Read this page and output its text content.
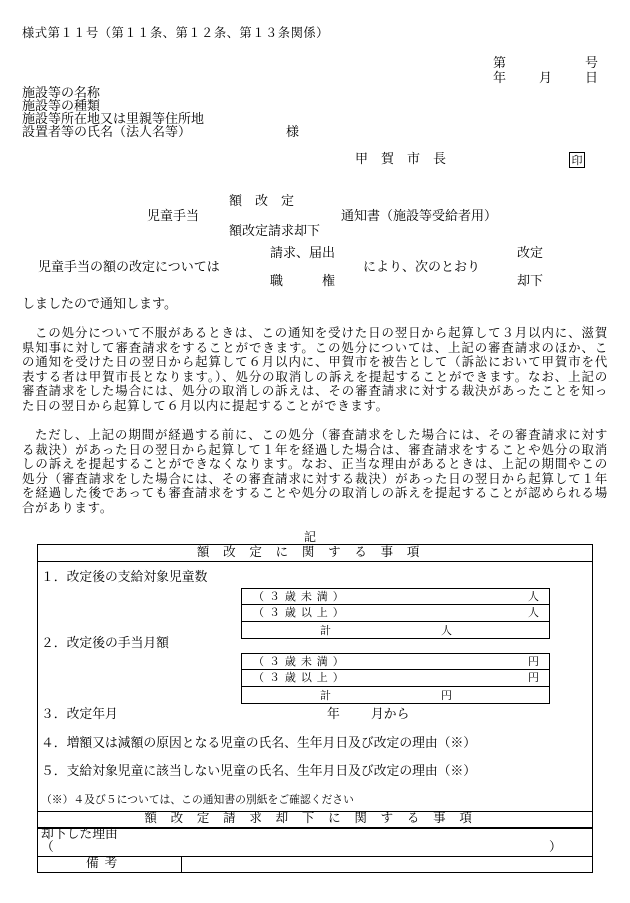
様式第１１号（第１１条、第１２条、第１３条関係）
第	号
年	月	日
施設等の名称
施設等の種類
施設等所在地又は里親等住所地
設置者等の氏名（法人名等）	様
甲　賀　市　長	印
額　改　定
児童手当	通知書（施設等受給者用）
額改定請求却下
請求、届出	改定
児童手当の額の改定については	により、次のとおり
職　　　権	却下
しましたので通知します。
この処分について不服があるときは、この通知を受けた日の翌日から起算して３月以内に、滋賀県知事に対して審査請求をすることができます。この処分については、上記の審査請求のほか、この通知を受けた日の翌日から起算して６月以内に、甲賀市を被告として（訴訟において甲賀市を代表する者は甲賀市長となります。）、処分の取消しの訴えを提起することができます。なお、上記の審査請求をした場合には、処分の取消しの訴えは、その審査請求に対する裁決があったことを知った日の翌日から起算して６月以内に提起することができます。
ただし、上記の期間が経過する前に、この処分（審査請求をした場合には、その審査請求に対する裁決）があった日の翌日から起算して１年を経過した場合は、審査請求をすることや処分の取消しの訴えを提起することができなくなります。なお、正当な理由があるときは、上記の期間やこの処分（審査請求をした場合には、その審査請求に対する裁決）があった日の翌日から起算して１年を経過した後であっても審査請求をすることや処分の取消しの訴えを提起することが認められる場合があります。
記
額改定に関する事項
１．改定後の支給対象児童数
（３歳未満）	人
（３歳以上）	人
計	人
２．改定後の手当月額
（３歳未満）	円
（３歳以上）	円
計	円
３．改定年月	年 月から
４．増額又は減額の原因となる児童の氏名、生年月日及び改定の理由（※）
５．支給対象児童に該当しない児童の氏名、生年月日及び改定の理由（※）
（※）４及び５については、この通知書の別紙をご確認ください
額改定請求却下に関する事項
却下した理由
（	）
備考
